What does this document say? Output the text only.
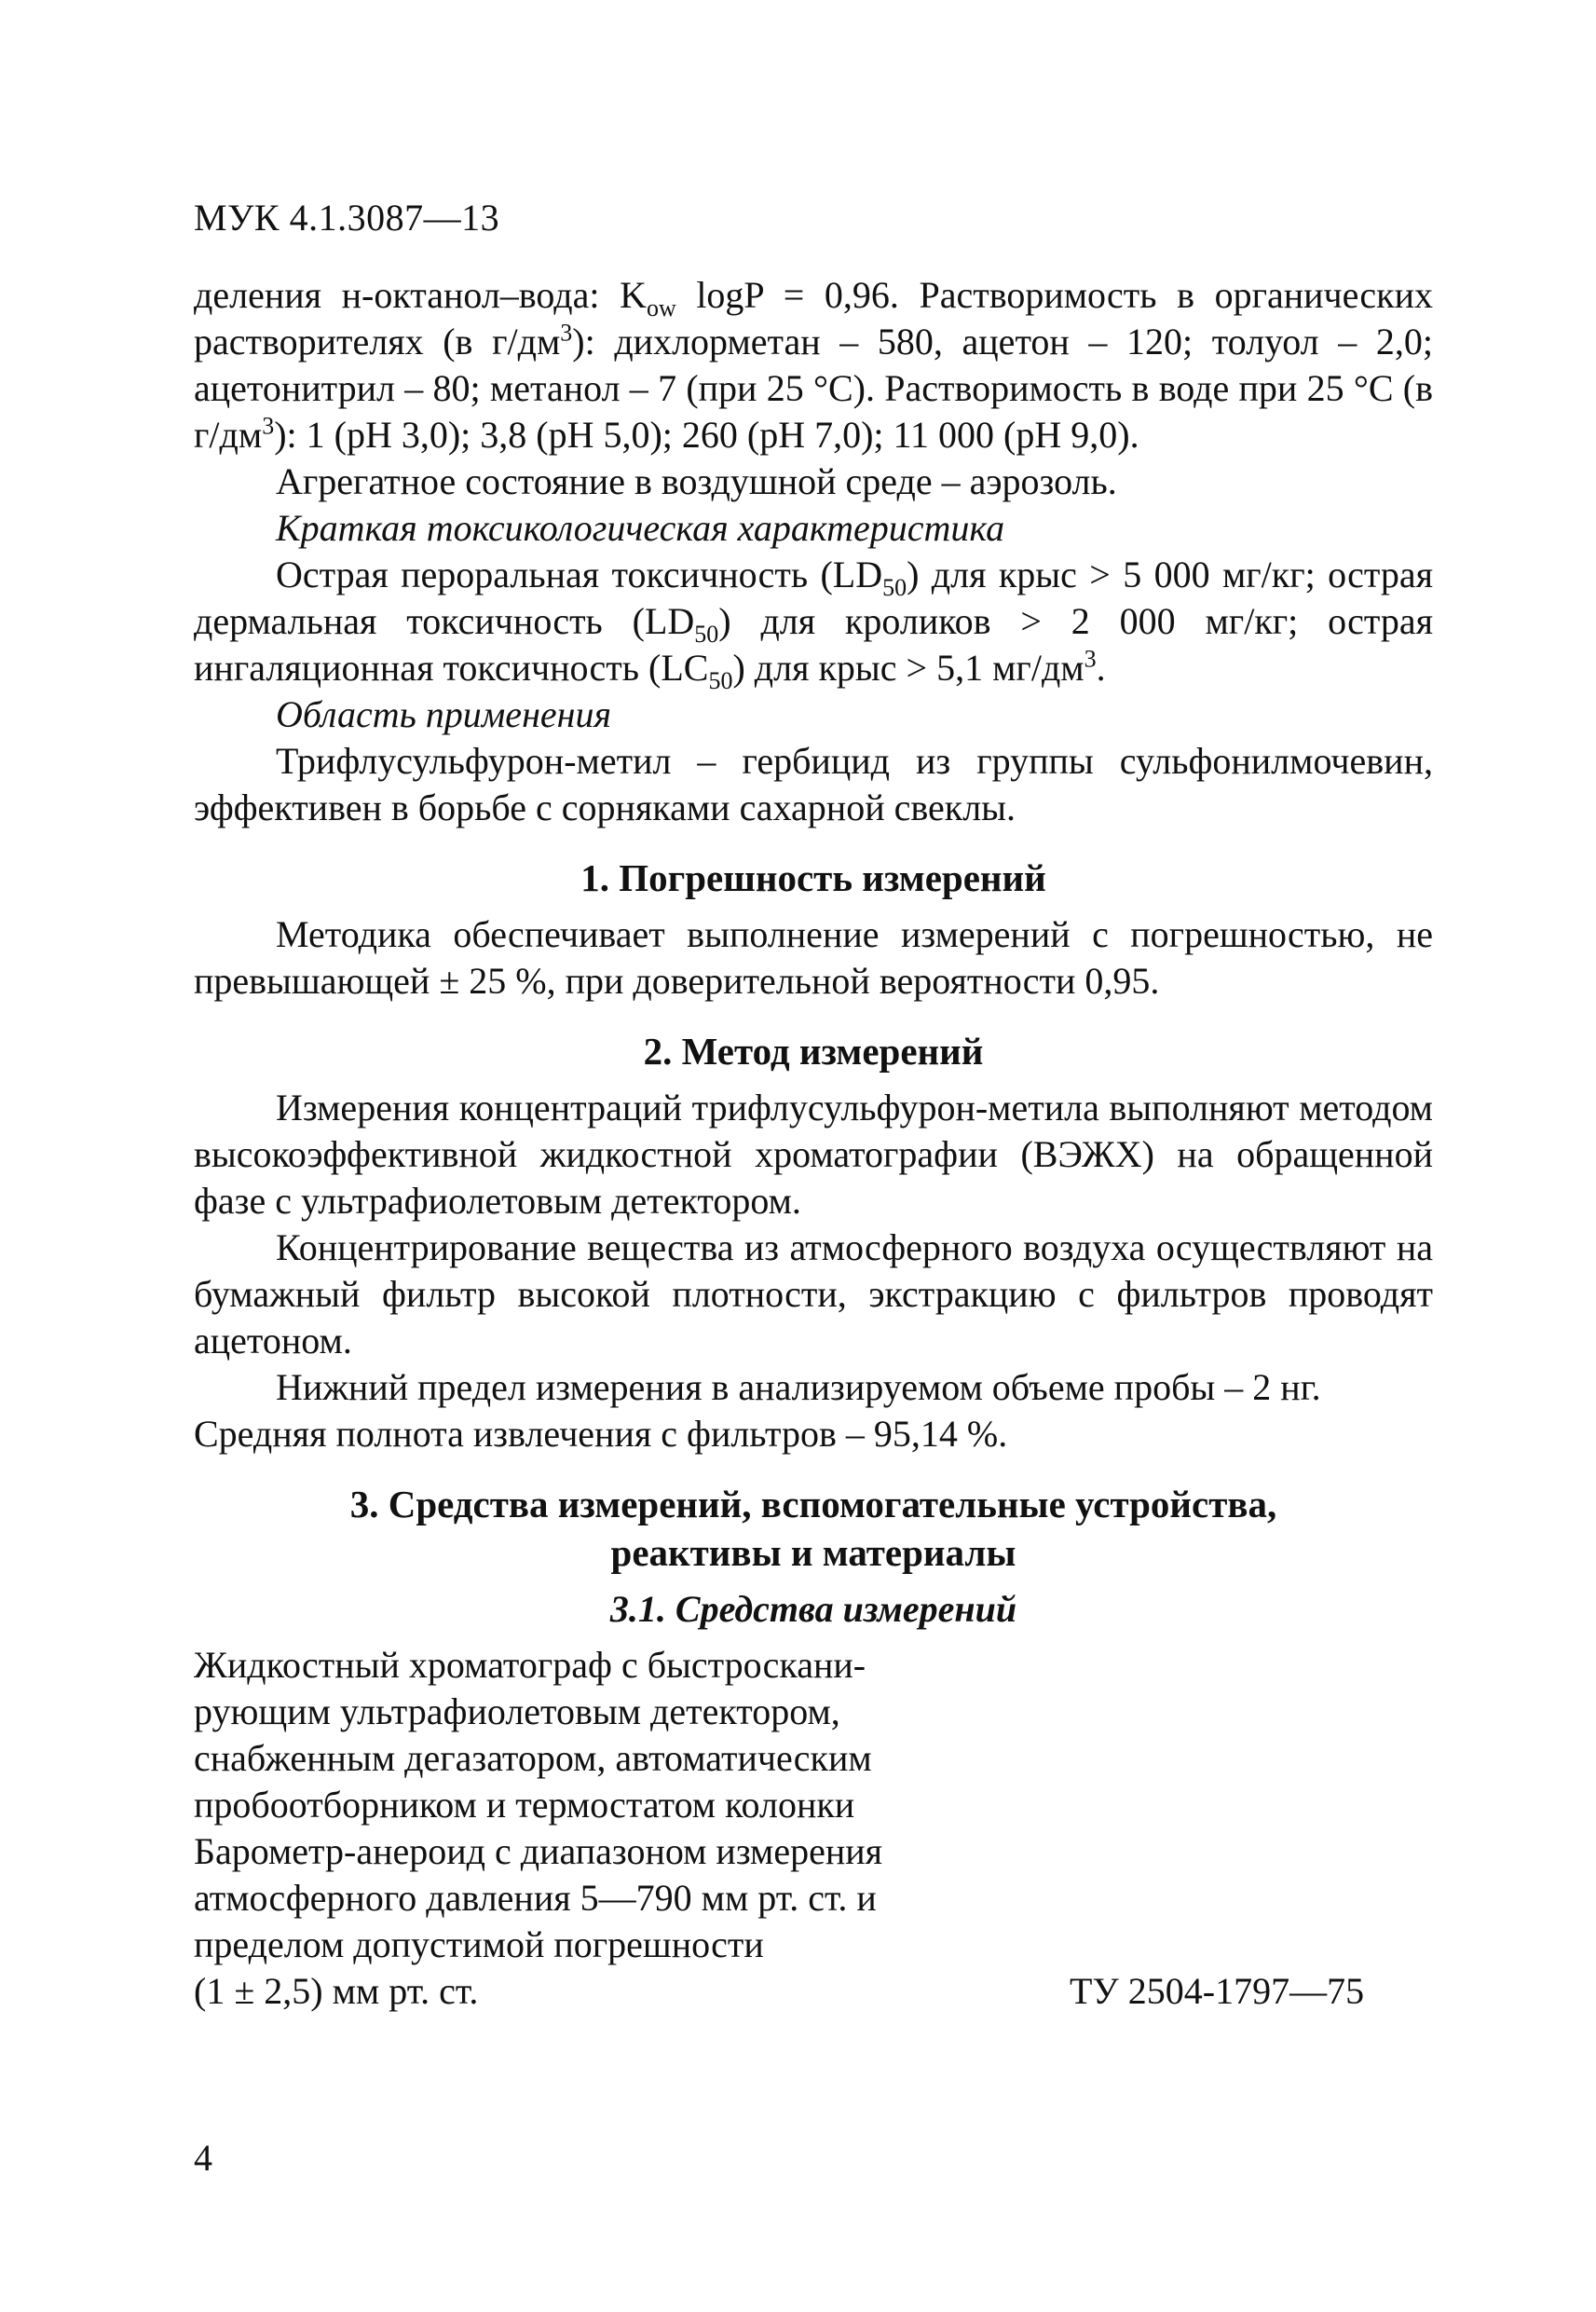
МУК 4.1.3087—13

деления н-октанол–вода: $K_{ow}$ logP = 0,96. Растворимость в органических растворителях (в $г/дм^3$): дихлорметан – 580, ацетон – 120; толуол – 2,0; ацетонитрил – 80; метанол – 7 (при 25 °С). Растворимость в воде при 25 °С (в $г/дм^3$): 1 (pH 3,0); 3,8 (pH 5,0); 260 (pH 7,0); 11 000 (pH 9,0).

Агрегатное состояние в воздушной среде – аэрозоль.

Краткая токсикологическая характеристика

Острая пероральная токсичность $(LD_{50})$ для крыс > 5 000 мг/кг; острая дермальная токсичность $(LD_{50})$ для кроликов > 2 000 мг/кг; острая ингаляционная токсичность $(LC_{50})$ для крыс > 5,1 $мг/дм^3$.

Область применения

Трифлусульфурон-метил – гербицид из группы сульфонилмочевин, эффективен в борьбе с сорняками сахарной свеклы.

1. Погрешность измерений

Методика обеспечивает выполнение измерений с погрешностью, не превышающей ± 25 %, при доверительной вероятности 0,95.

2. Метод измерений

Измерения концентраций трифлусульфурон-метила выполняют методом высокоэффективной жидкостной хроматографии (ВЭЖХ) на обращенной фазе с ультрафиолетовым детектором.

Концентрирование вещества из атмосферного воздуха осуществляют на бумажный фильтр высокой плотности, экстракцию с фильтров проводят ацетоном.

Нижний предел измерения в анализируемом объеме пробы – 2 нг.

Средняя полнота извлечения с фильтров – 95,14 %.

3. Средства измерений, вспомогательные устройства,
реактивы и материалы
3.1. Средства измерений
Жидкостный хроматограф с быстроскани-
рующим ультрафиолетовым детектором,
снабженным дегазатором, автоматическим
пробоотборником и термостатом колонки
Барометр-анероид с диапазоном измерения
атмосферного давления 5—790 мм рт. ст. и
пределом допустимой погрешности
(1 ± 2,5) мм рт. ст.	ТУ 2504-1797—75
4
